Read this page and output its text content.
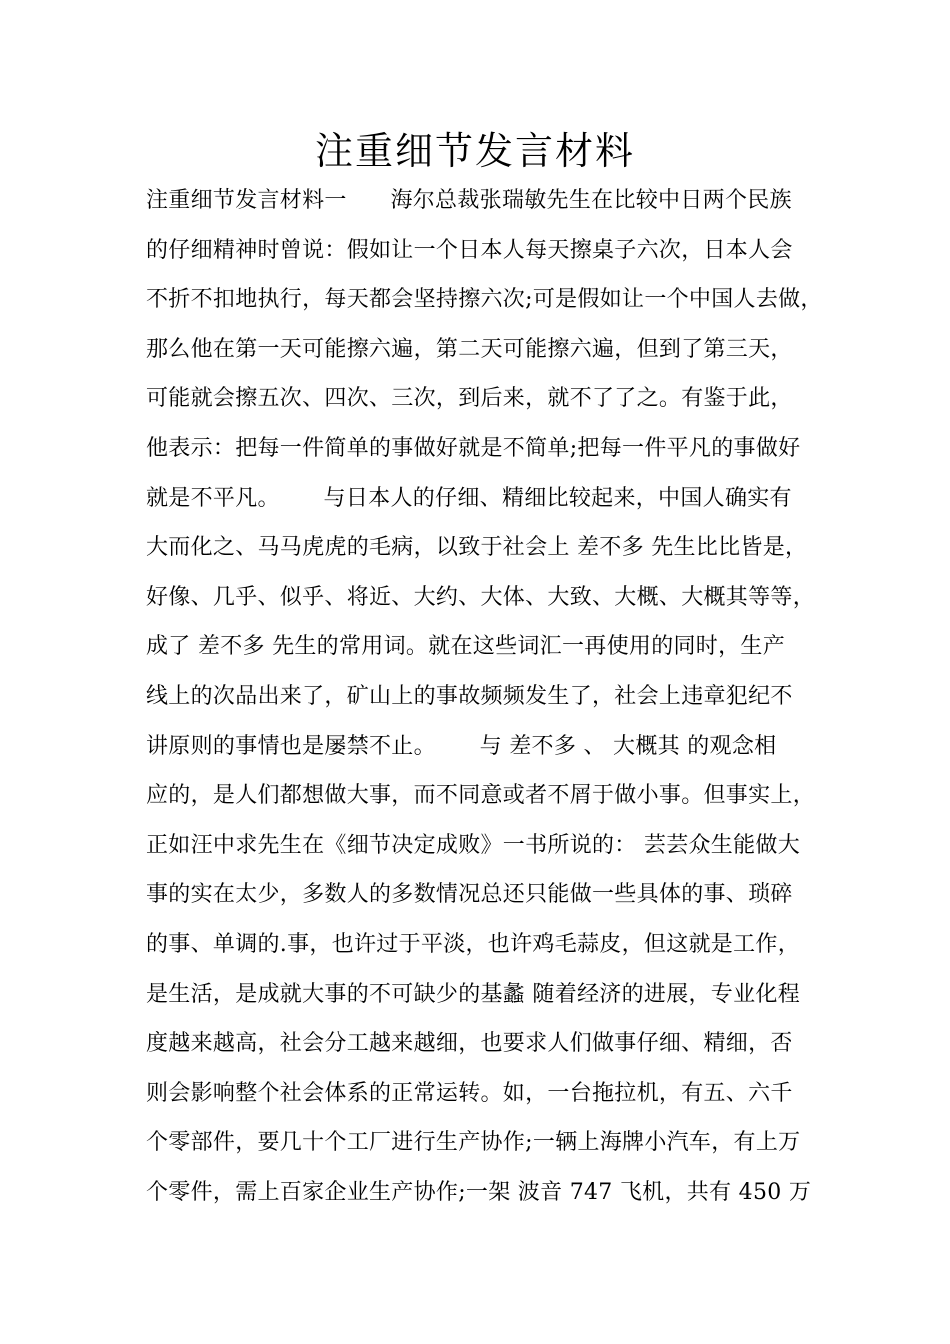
注重细节发言材料
注重细节发言材料一      海尔总裁张瑞敏先生在比较中日两个民族
的仔细精神时曾说：假如让一个日本人每天擦桌子六次，日本人会
不折不扣地执行，每天都会坚持擦六次;可是假如让一个中国人去做，
那么他在第一天可能擦六遍，第二天可能擦六遍，但到了第三天，
可能就会擦五次、四次、三次，到后来，就不了了之。有鉴于此，
他表示：把每一件简单的事做好就是不简单;把每一件平凡的事做好
就是不平凡。      与日本人的仔细、精细比较起来，中国人确实有
大而化之、马马虎虎的毛病，以致于社会上 差不多 先生比比皆是，
好像、几乎、似乎、将近、大约、大体、大致、大概、大概其等等，
成了 差不多 先生的常用词。就在这些词汇一再使用的同时，生产
线上的次品出来了，矿山上的事故频频发生了，社会上违章犯纪不
讲原则的事情也是屡禁不止。      与 差不多 、 大概其 的观念相
应的，是人们都想做大事，而不同意或者不屑于做小事。但事实上，
正如汪中求先生在《细节决定成败》一书所说的： 芸芸众生能做大
事的实在太少，多数人的多数情况总还只能做一些具体的事、琐碎
的事、单调的.事，也许过于平淡，也许鸡毛蒜皮，但这就是工作，
是生活，是成就大事的不可缺少的基蠡 随着经济的进展，专业化程
度越来越高，社会分工越来越细，也要求人们做事仔细、精细，否
则会影响整个社会体系的正常运转。如，一台拖拉机，有五、六千
个零部件，要几十个工厂进行生产协作;一辆上海牌小汽车，有上万
个零件，需上百家企业生产协作;一架 波音 747 飞机，共有 450 万
